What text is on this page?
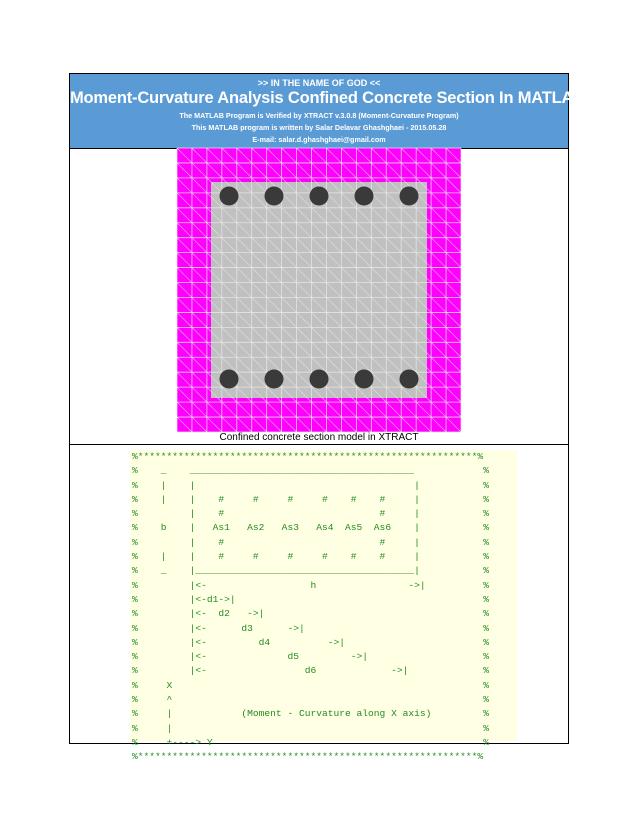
>> IN THE NAME OF GOD <<
Moment-Curvature Analysis Confined Concrete Section In MATLAB
The MATLAB Program is Verified by XTRACT v.3.0.8 (Moment-Curvature Program)
This MATLAB program is written by Salar Delavar Ghashghaei - 2015.05.28
E-mail: salar.d.ghashghaei@gmail.com
Confined concrete section model in XTRACT
%***********************************************************%
%    _    _______________________________________            %
%    |    |                                      |           %
%    |    |    #     #     #     #    #    #     |           %
%         |    #                           #     |           %
%    b    |   As1   As2   As3   As4  As5  As6    |           %
%         |    #                           #     |           %
%    |    |    #     #     #     #    #    #     |           %
%    _    |______________________________________|           %
%         |<-                  h                ->|          %
%         |<-d1->|                                           %
%         |<-  d2   ->|                                      %
%         |<-      d3      ->|                               %
%         |<-         d4          ->|                        %
%         |<-              d5         ->|                    %
%         |<-                 d6             ->|             %
%     X                                                      %
%     ^                                                      %
%     |            (Moment - Curvature along X axis)         %
%     |                                                      %
%     +----> Y                                               %
%***********************************************************%
